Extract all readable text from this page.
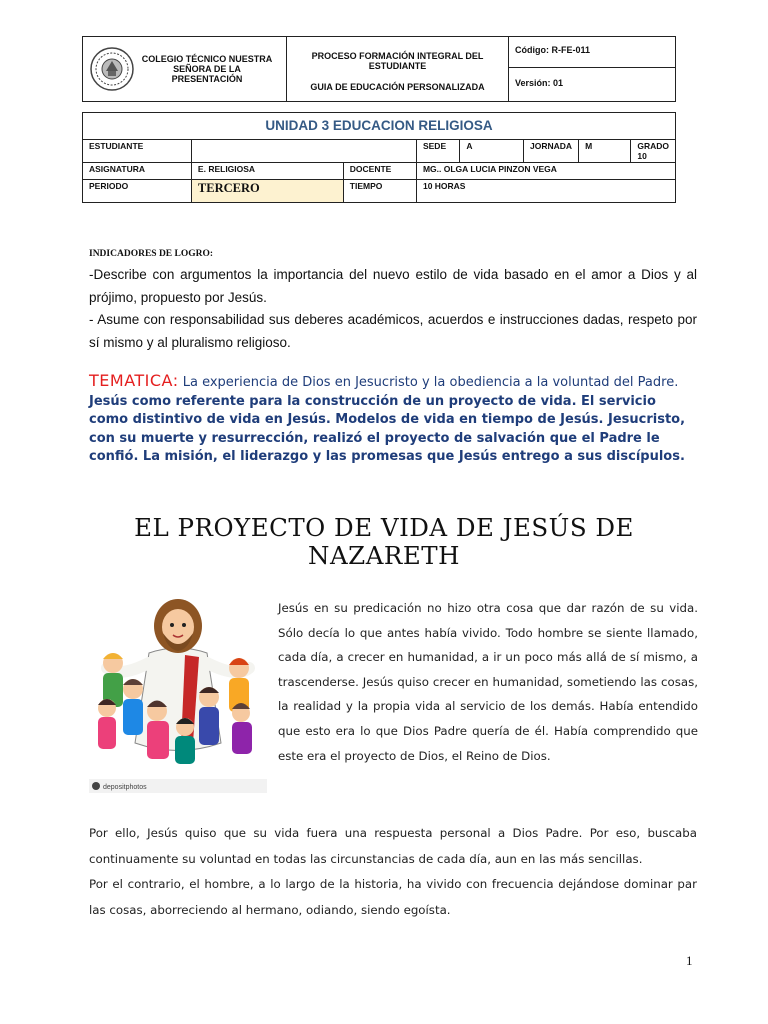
COLEGIO TÉCNICO NUESTRA SEÑORA DE LA PRESENTACIÓN
PROCESO FORMACIÓN INTEGRAL DEL ESTUDIANTE
GUIA DE EDUCACIÓN PERSONALIZADA
Código: R-FE-011
Versión: 01
UNIDAD 3 EDUCACION RELIGIOSA
ESTUDIANTE			SEDE	A	JORNADA	M	GRADO 10
ASIGNATURA	E. RELIGIOSA	DOCENTE	MG.. OLGA LUCIA PINZON VEGA				
PERIODO	TERCERO	TIEMPO	10 HORAS				
INDICADORES DE LOGRO:
-Describe con argumentos la importancia del nuevo estilo de vida basado en el amor a Dios y al prójimo, propuesto por Jesús.
- Asume con responsabilidad sus deberes académicos, acuerdos e instrucciones dadas, respeto por sí mismo y al pluralismo religioso.
TEMATICA: La experiencia de Dios en Jesucristo y la obediencia a la voluntad del Padre.
Jesús como referente para la construcción de un proyecto de vida. El servicio como distintivo de vida en Jesús. Modelos de vida en tiempo de Jesús. Jesucristo, con su muerte y resurrección, realizó el proyecto de salvación que el Padre le confió. La misión, el liderazgo y las promesas que Jesús entrego a sus discípulos.
EL PROYECTO DE VIDA DE JESÚS DE NAZARETH
depositphotos
Jesús en su predicación no hizo otra cosa que dar razón de su vida. Sólo decía lo que antes había vivido. Todo hombre se siente llamado, cada día, a crecer en humanidad, a ir un poco más allá de sí mismo, a trascenderse. Jesús quiso crecer en humanidad, sometiendo las cosas, la realidad y la propia vida al servicio de los demás. Había entendido que esto era lo que Dios Padre quería de él. Había comprendido que este era el proyecto de Dios, el Reino de Dios.
Por ello, Jesús quiso que su vida fuera una respuesta personal a Dios Padre. Por eso, buscaba continuamente su voluntad en todas las circunstancias de cada día, aun en las más sencillas.
Por el contrario, el hombre, a lo largo de la historia, ha vivido con frecuencia dejándose dominar par las cosas, aborreciendo al hermano, odiando, siendo egoísta.
1
